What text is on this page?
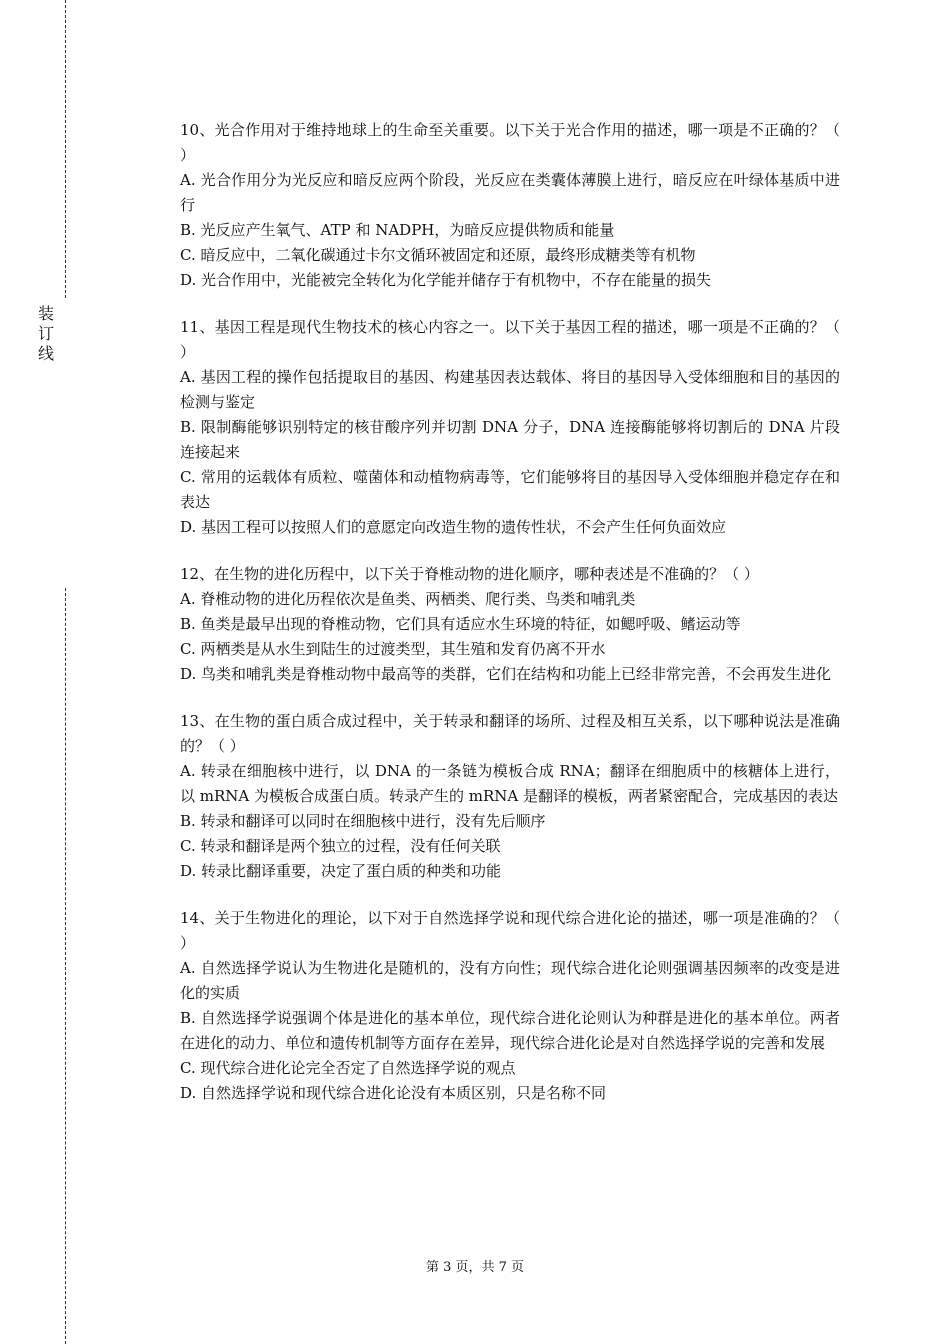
装
订
线

10、光合作用对于维持地球上的生命至关重要。以下关于光合作用的描述，哪一项是不正确的？（ ）

A. 光合作用分为光反应和暗反应两个阶段，光反应在类囊体薄膜上进行，暗反应在叶绿体基质中进行

B. 光反应产生氧气、ATP 和 NADPH，为暗反应提供物质和能量

C. 暗反应中，二氧化碳通过卡尔文循环被固定和还原，最终形成糖类等有机物

D. 光合作用中，光能被完全转化为化学能并储存于有机物中，不存在能量的损失

11、基因工程是现代生物技术的核心内容之一。以下关于基因工程的描述，哪一项是不正确的？（ ）

A. 基因工程的操作包括提取目的基因、构建基因表达载体、将目的基因导入受体细胞和目的基因的检测与鉴定

B. 限制酶能够识别特定的核苷酸序列并切割 DNA 分子，DNA 连接酶能够将切割后的 DNA 片段连接起来

C. 常用的运载体有质粒、噬菌体和动植物病毒等，它们能够将目的基因导入受体细胞并稳定存在和表达

D. 基因工程可以按照人们的意愿定向改造生物的遗传性状，不会产生任何负面效应

12、在生物的进化历程中，以下关于脊椎动物的进化顺序，哪种表述是不准确的？（ ）

A. 脊椎动物的进化历程依次是鱼类、两栖类、爬行类、鸟类和哺乳类

B. 鱼类是最早出现的脊椎动物，它们具有适应水生环境的特征，如鳃呼吸、鳍运动等

C. 两栖类是从水生到陆生的过渡类型，其生殖和发育仍离不开水

D. 鸟类和哺乳类是脊椎动物中最高等的类群，它们在结构和功能上已经非常完善，不会再发生进化

13、在生物的蛋白质合成过程中，关于转录和翻译的场所、过程及相互关系，以下哪种说法是准确的？（ ）

A. 转录在细胞核中进行，以 DNA 的一条链为模板合成 RNA；翻译在细胞质中的核糖体上进行，以 mRNA 为模板合成蛋白质。转录产生的 mRNA 是翻译的模板，两者紧密配合，完成基因的表达

B. 转录和翻译可以同时在细胞核中进行，没有先后顺序

C. 转录和翻译是两个独立的过程，没有任何关联

D. 转录比翻译重要，决定了蛋白质的种类和功能

14、关于生物进化的理论，以下对于自然选择学说和现代综合进化论的描述，哪一项是准确的？（ ）

A. 自然选择学说认为生物进化是随机的，没有方向性；现代综合进化论则强调基因频率的改变是进化的实质

B. 自然选择学说强调个体是进化的基本单位，现代综合进化论则认为种群是进化的基本单位。两者在进化的动力、单位和遗传机制等方面存在差异，现代综合进化论是对自然选择学说的完善和发展

C. 现代综合进化论完全否定了自然选择学说的观点

D. 自然选择学说和现代综合进化论没有本质区别，只是名称不同

第 3 页，共 7 页
